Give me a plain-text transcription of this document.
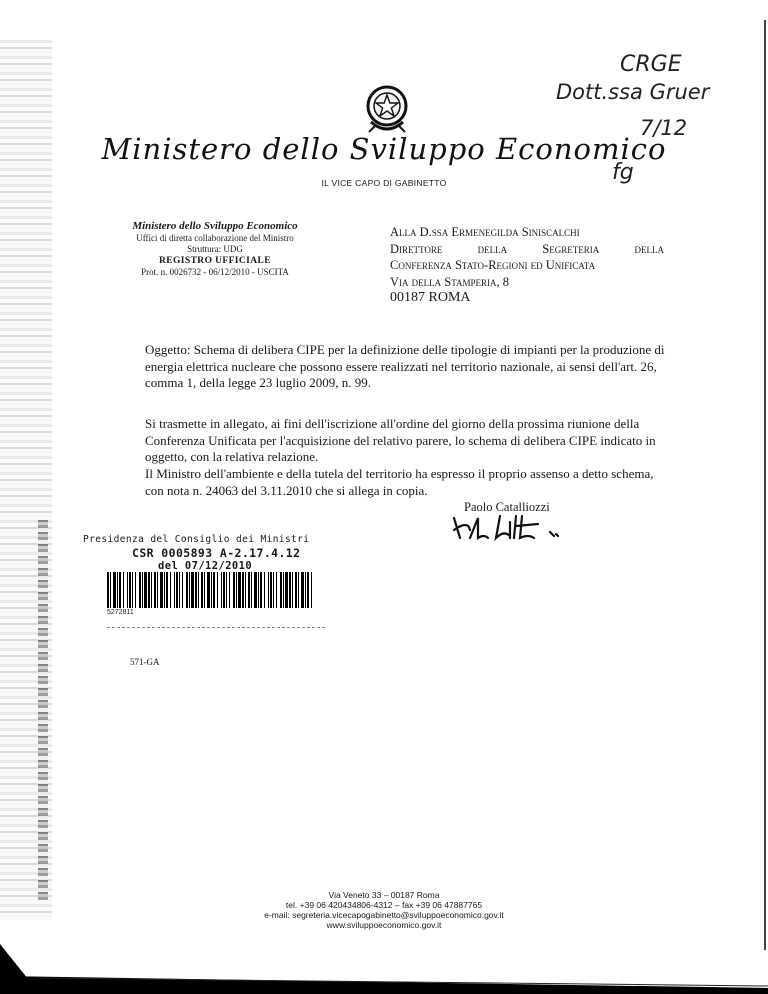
Ministero dello Sviluppo Economico
IL VICE CAPO DI GABINETTO
CRGE
Dott.ssa Gruer
7/12
fg
Ministero dello Sviluppo Economico
Uffici di diretta collaborazione del Ministro
Struttura: UDG
REGISTRO UFFICIALE
Prot. n. 0026732 - 06/12/2010 - USCITA
Alla D.ssa Ermenegilda Siniscalchi
Direttore	della	Segreteria	della
Conferenza Stato-Regioni ed Unificata
Via della Stamperia, 8
00187 ROMA
Oggetto: Schema di delibera CIPE per la definizione delle tipologie di impianti per la produzione di energia elettrica nucleare che possono essere realizzati nel territorio nazionale, ai sensi dell'art. 26, comma 1, della legge 23 luglio 2009, n. 99.
Si trasmette in allegato, ai fini dell'iscrizione all'ordine del giorno della prossima riunione della Conferenza Unificata per l'acquisizione del relativo parere, lo schema di delibera CIPE indicato in oggetto, con la relativa relazione.
Il Ministro dell'ambiente e della tutela del territorio ha espresso il proprio assenso a detto schema, con nota n. 24063 del 3.11.2010 che si allega in copia.
Paolo Catalliozzi
Presidenza del Consiglio dei Ministri
CSR 0005893 A-2.17.4.12
del 07/12/2010
5272811
571-GA
Via Veneto 33 – 00187 Roma
tel. +39 06 420434806-4312 – fax +39 06 47887765
e-mail: segreteria.vicecapogabinetto@sviluppoeconomico.gov.it
www.sviluppoeconomico.gov.it
